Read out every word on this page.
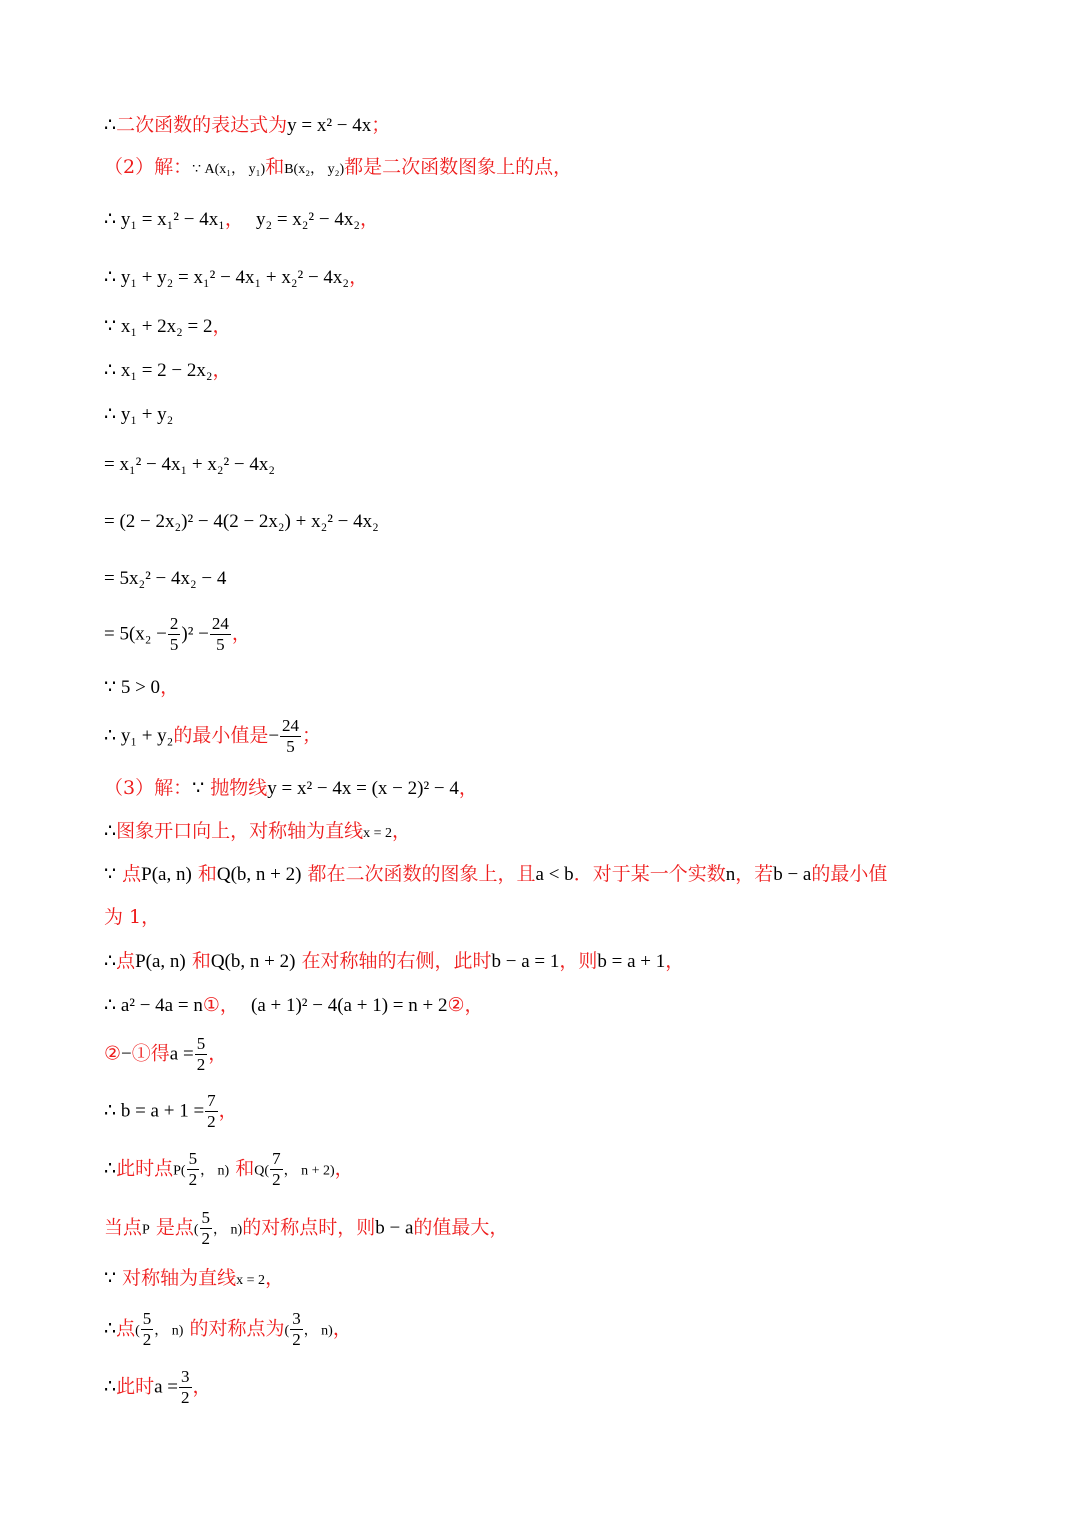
∴二次函数的表达式为y = x² − 4x；
（2）解：∵ A(x₁， y₁)和B(x₂， y₂)都是二次函数图象上的点，
∴ y₁ = x₁² − 4x₁， y₂ = x₂² − 4x₂，
∴ y₁ + y₂ = x₁² − 4x₁ + x₂² − 4x₂，
∵ x₁ + 2x₂ = 2，
∴ x₁ = 2 − 2x₂，
∴ y₁ + y₂
= x₁² − 4x₁ + x₂² − 4x₂
= (2 − 2x₂)² − 4(2 − 2x₂) + x₂² − 4x₂
= 5x₂² − 4x₂ − 4
= $5(x_2 - \frac{2}{5} )^2 - \frac{24}{5}$ ，
∵ 5 > 0，
∴ y₁ + y₂的最小值是− $\frac{24}{5}$ ；
（3）解：∵ 抛物线y = x² − 4x = (x − 2)² − 4，
∴图象开口向上，对称轴为直线x = 2，
∵ 点P(a, n) 和Q(b, n + 2) 都在二次函数的图象上，且a < b．对于某一个实数n，若b − a的最小值
为 1，
∴点P(a, n) 和Q(b, n + 2) 在对称轴的右侧，此时b − a = 1，则b = a + 1，
∴ a² − 4a = n①， (a + 1)² − 4(a + 1) = n + 2②，
②−①得$a = \frac{5}{2}$ ，
∴ $b = a + 1 = \frac{7}{2}$ ，
∴此时点$P( \frac{5}{2}$ ， n) 和$Q( \frac{7}{2}$ ， n + 2)，
当点P 是点( $\frac{5}{2}$ ， n)的对称点时，则b − a的值最大，
∵ 对称轴为直线x = 2，
∴点( $\frac{5}{2}$ ， n) 的对称点为( $\frac{3}{2}$ ， n)，
∴此时$a = \frac{3}{2}$ ，
